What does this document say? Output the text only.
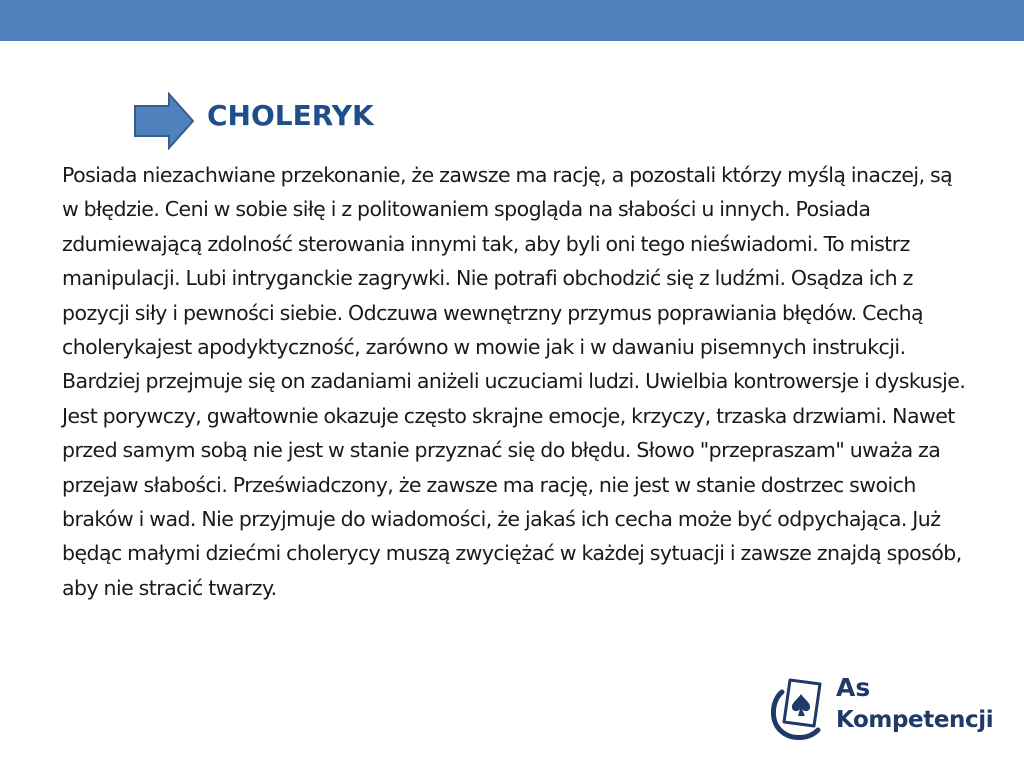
CHOLERYK
Posiada niezachwiane przekonanie, że zawsze ma rację, a pozostali którzy myślą inaczej, są w błędzie. Ceni w sobie siłę i z politowaniem spogląda na słabości u innych. Posiada zdumiewającą zdolność sterowania innymi tak, aby byli oni tego nieświadomi. To mistrz manipulacji. Lubi intryganckie zagrywki. Nie potrafi obchodzić się z ludźmi. Osądza ich z pozycji siły i pewności siebie. Odczuwa wewnętrzny przymus poprawiania błędów. Cechą cholerykajest apodyktyczność, zarówno w mowie jak i w dawaniu pisemnych instrukcji. Bardziej przejmuje się on zadaniami aniżeli uczuciami ludzi. Uwielbia kontrowersje i dyskusje. Jest porywczy, gwałtownie okazuje często skrajne emocje, krzyczy, trzaska drzwiami. Nawet przed samym sobą nie jest w stanie przyznać się do błędu. Słowo "przepraszam" uważa za przejaw słabości. Przeświadczony, że zawsze ma rację, nie jest w stanie dostrzec swoich braków i wad. Nie przyjmuje do wiadomości, że jakaś ich cecha może być odpychająca. Już będąc małymi dziećmi cholerycy muszą zwyciężać w każdej sytuacji i zawsze znajdą sposób, aby nie stracić twarzy.
As
Kompetencji
